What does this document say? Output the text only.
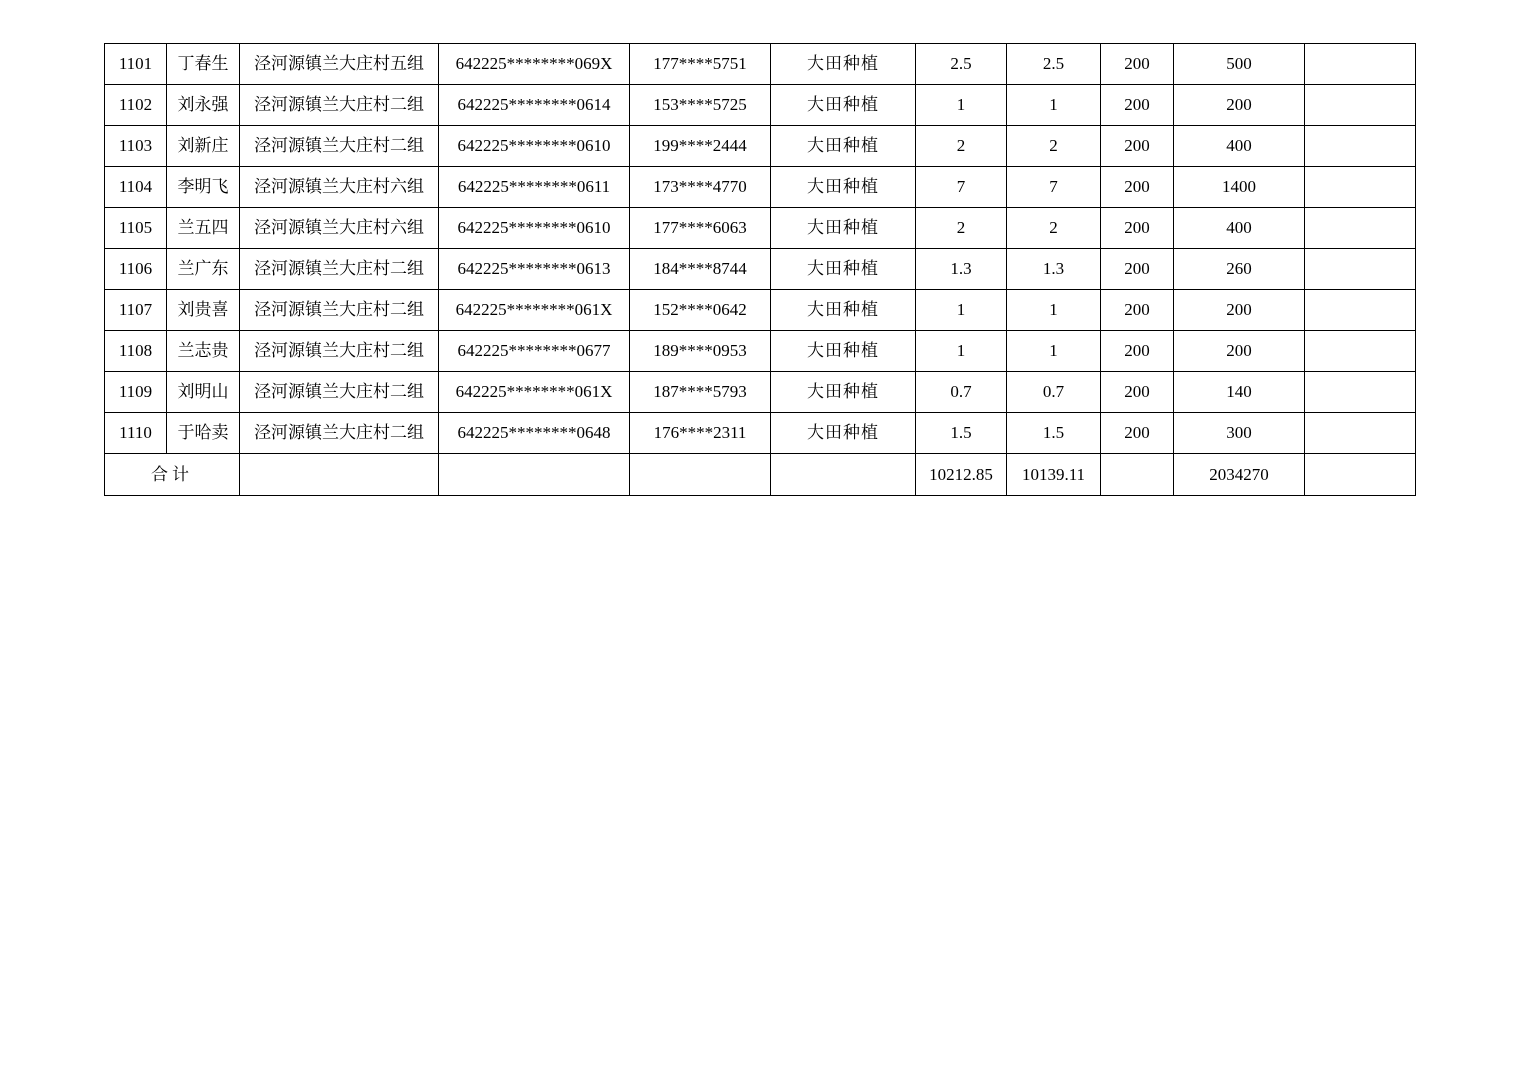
1101	丁春生	泾河源镇兰大庄村五组	642225********069X	177****5751	大田种植	2.5	2.5	200	500	
1102	刘永强	泾河源镇兰大庄村二组	642225********0614	153****5725	大田种植	1	1	200	200	
1103	刘新庄	泾河源镇兰大庄村二组	642225********0610	199****2444	大田种植	2	2	200	400	
1104	李明飞	泾河源镇兰大庄村六组	642225********0611	173****4770	大田种植	7	7	200	1400	
1105	兰五四	泾河源镇兰大庄村六组	642225********0610	177****6063	大田种植	2	2	200	400	
1106	兰广东	泾河源镇兰大庄村二组	642225********0613	184****8744	大田种植	1.3	1.3	200	260	
1107	刘贵喜	泾河源镇兰大庄村二组	642225********061X	152****0642	大田种植	1	1	200	200	
1108	兰志贵	泾河源镇兰大庄村二组	642225********0677	189****0953	大田种植	1	1	200	200	
1109	刘明山	泾河源镇兰大庄村二组	642225********061X	187****5793	大田种植	0.7	0.7	200	140	
1110	于哈卖	泾河源镇兰大庄村二组	642225********0648	176****2311	大田种植	1.5	1.5	200	300	
合计						10212.85	10139.11		2034270	
